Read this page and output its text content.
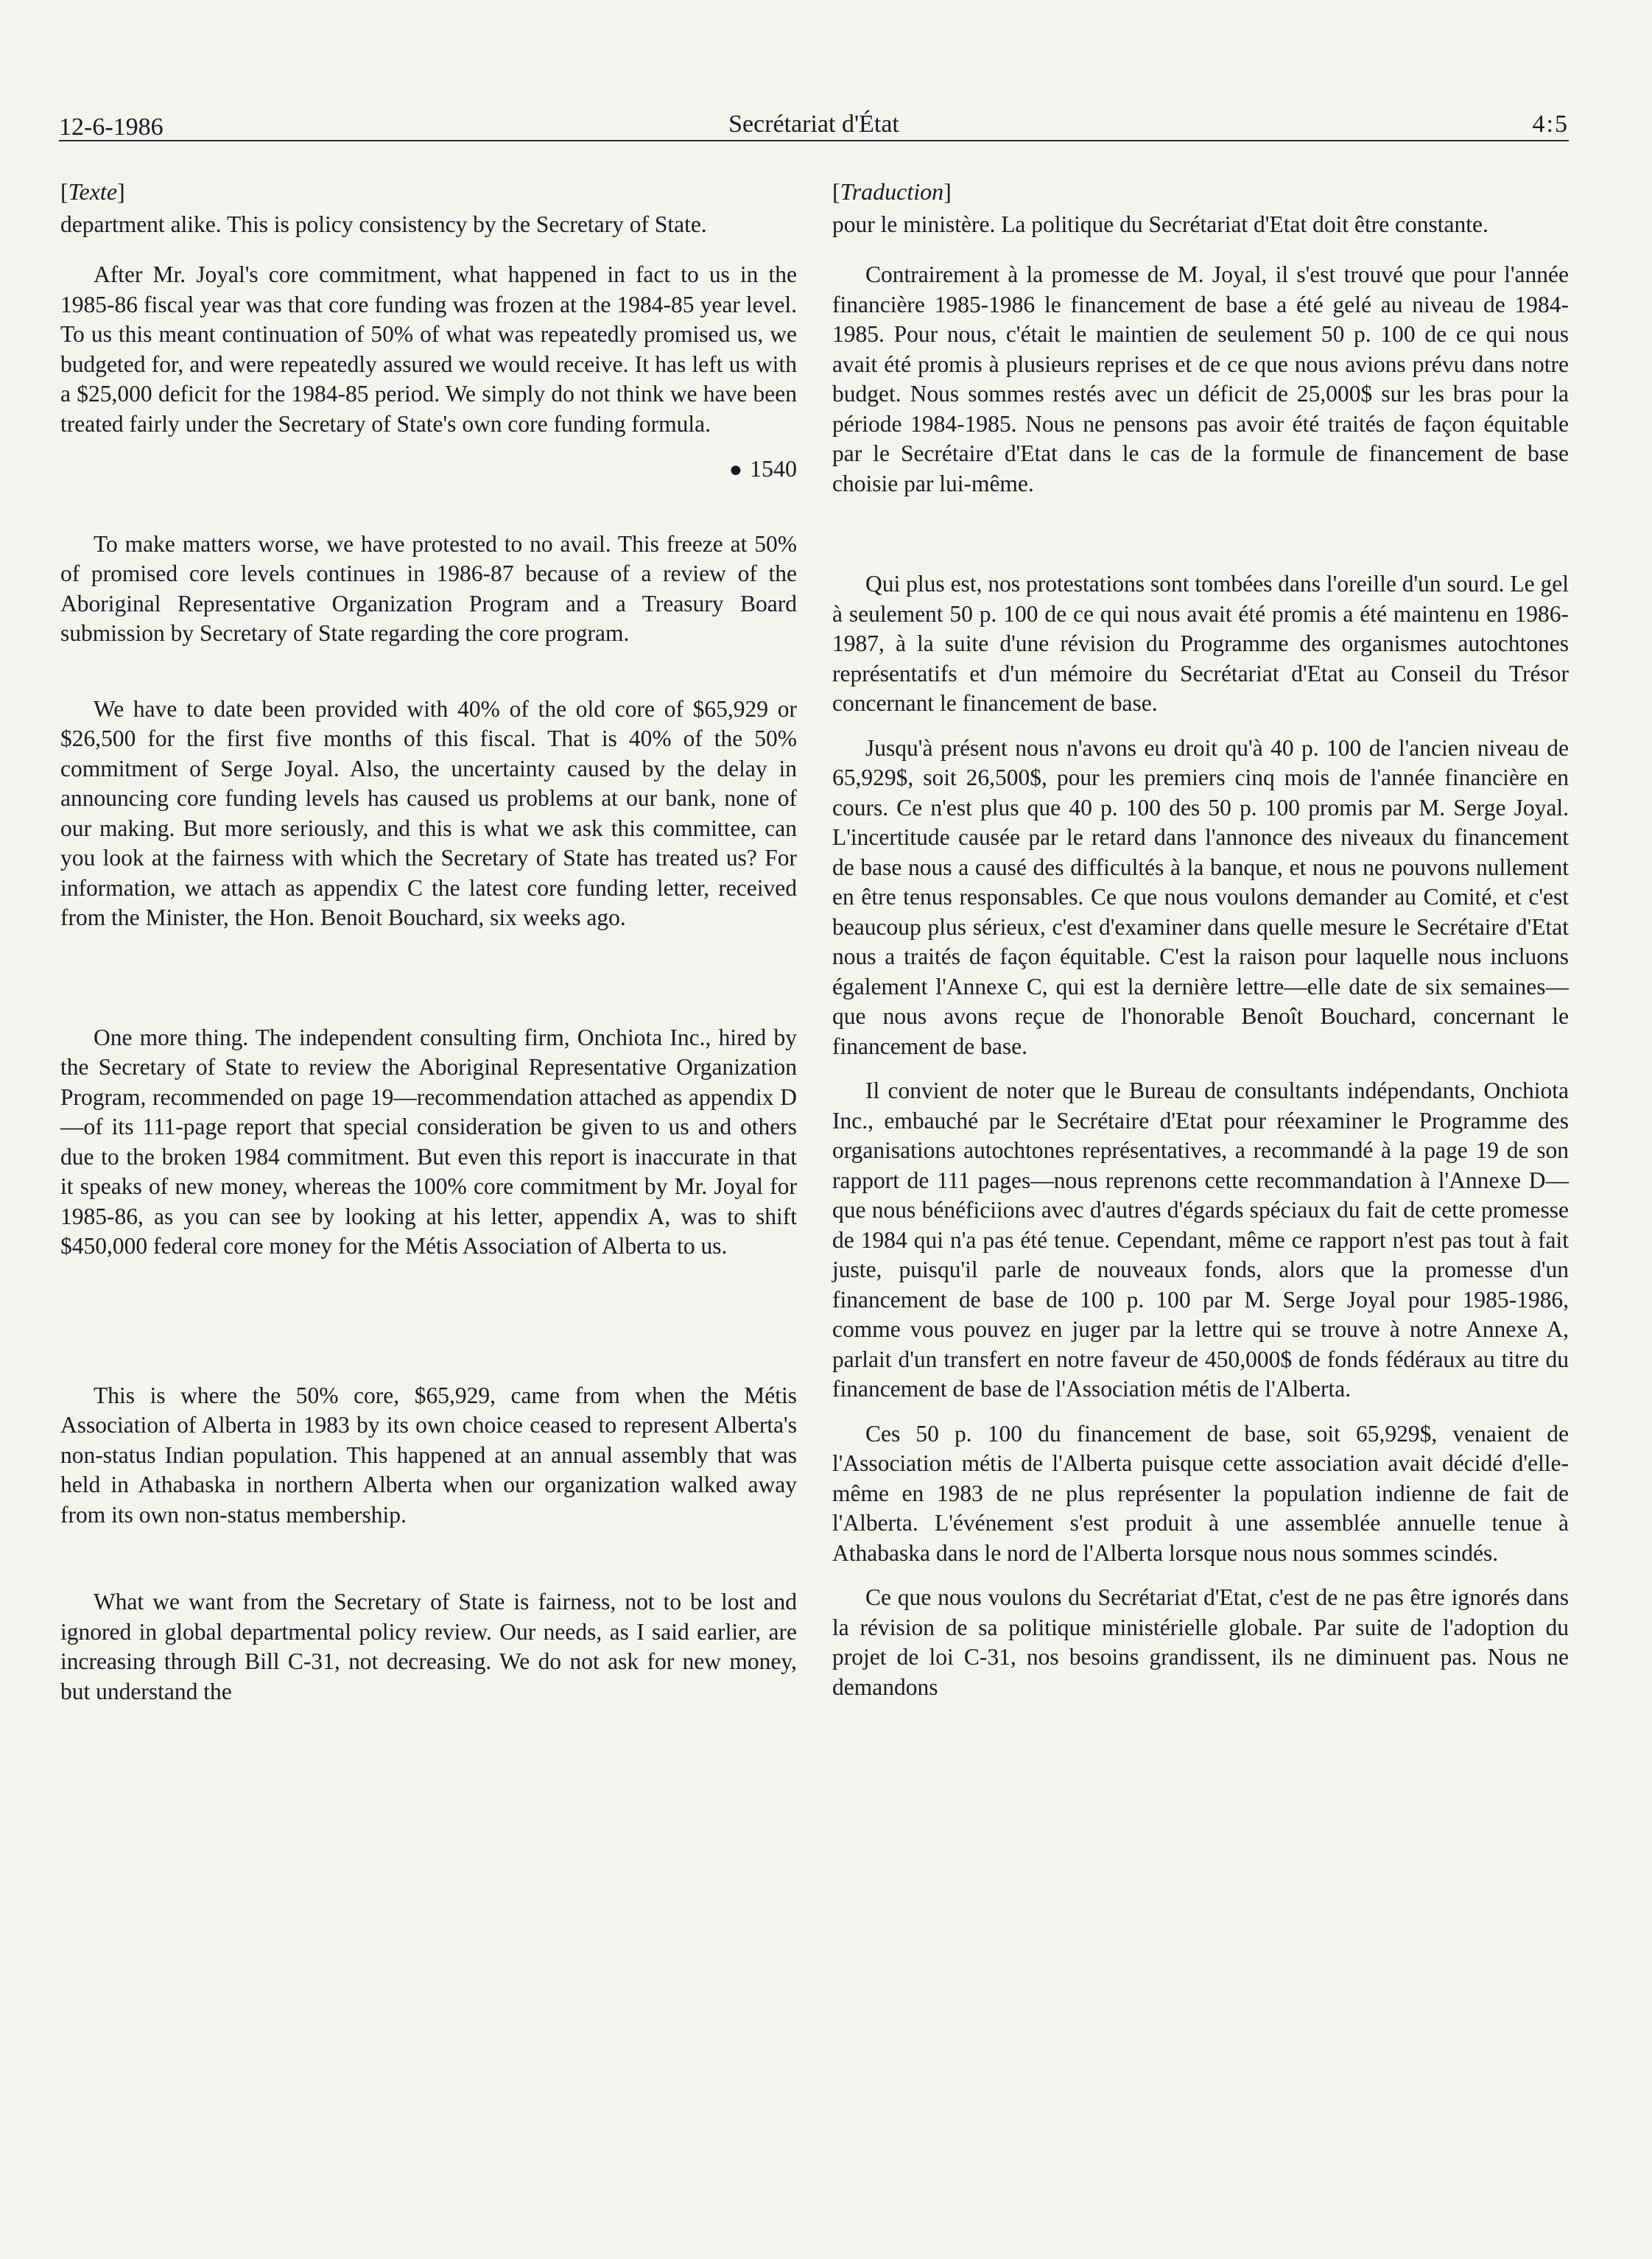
12-6-1986	Secrétariat d'État	4:5
[Texte]

department alike. This is policy consistency by the Secretary of State.

After Mr. Joyal's core commitment, what happened in fact to us in the 1985-86 fiscal year was that core funding was frozen at the 1984-85 year level. To us this meant continuation of 50% of what was repeatedly promised us, we budgeted for, and were repeatedly assured we would receive. It has left us with a $25,000 deficit for the 1984-85 period. We simply do not think we have been treated fairly under the Secretary of State's own core funding formula.

● 1540

To make matters worse, we have protested to no avail. This freeze at 50% of promised core levels continues in 1986-87 because of a review of the Aboriginal Representative Organization Program and a Treasury Board submission by Secretary of State regarding the core program.

We have to date been provided with 40% of the old core of $65,929 or $26,500 for the first five months of this fiscal. That is 40% of the 50% commitment of Serge Joyal. Also, the uncertainty caused by the delay in announcing core funding levels has caused us problems at our bank, none of our making. But more seriously, and this is what we ask this committee, can you look at the fairness with which the Secretary of State has treated us? For information, we attach as appendix C the latest core funding letter, received from the Minister, the Hon. Benoit Bouchard, six weeks ago.

One more thing. The independent consulting firm, Onchiota Inc., hired by the Secretary of State to review the Aboriginal Representative Organization Program, recommended on page 19—recommendation attached as appendix D—of its 111-page report that special consideration be given to us and others due to the broken 1984 commitment. But even this report is inaccurate in that it speaks of new money, whereas the 100% core commitment by Mr. Joyal for 1985-86, as you can see by looking at his letter, appendix A, was to shift $450,000 federal core money for the Métis Association of Alberta to us.

This is where the 50% core, $65,929, came from when the Métis Association of Alberta in 1983 by its own choice ceased to represent Alberta's non-status Indian population. This happened at an annual assembly that was held in Athabaska in northern Alberta when our organization walked away from its own non-status membership.

What we want from the Secretary of State is fairness, not to be lost and ignored in global departmental policy review. Our needs, as I said earlier, are increasing through Bill C-31, not decreasing. We do not ask for new money, but understand the

[Traduction]

pour le ministère. La politique du Secrétariat d'Etat doit être constante.

Contrairement à la promesse de M. Joyal, il s'est trouvé que pour l'année financière 1985-1986 le financement de base a été gelé au niveau de 1984-1985. Pour nous, c'était le maintien de seulement 50 p. 100 de ce qui nous avait été promis à plusieurs reprises et de ce que nous avions prévu dans notre budget. Nous sommes restés avec un déficit de 25,000$ sur les bras pour la période 1984-1985. Nous ne pensons pas avoir été traités de façon équitable par le Secrétaire d'Etat dans le cas de la formule de financement de base choisie par lui-même.

Qui plus est, nos protestations sont tombées dans l'oreille d'un sourd. Le gel à seulement 50 p. 100 de ce qui nous avait été promis a été maintenu en 1986-1987, à la suite d'une révision du Programme des organismes autochtones représentatifs et d'un mémoire du Secrétariat d'Etat au Conseil du Trésor concernant le financement de base.

Jusqu'à présent nous n'avons eu droit qu'à 40 p. 100 de l'ancien niveau de 65,929$, soit 26,500$, pour les premiers cinq mois de l'année financière en cours. Ce n'est plus que 40 p. 100 des 50 p. 100 promis par M. Serge Joyal. L'incertitude causée par le retard dans l'annonce des niveaux du financement de base nous a causé des difficultés à la banque, et nous ne pouvons nullement en être tenus responsables. Ce que nous voulons demander au Comité, et c'est beaucoup plus sérieux, c'est d'examiner dans quelle mesure le Secrétaire d'Etat nous a traités de façon équitable. C'est la raison pour laquelle nous incluons également l'Annexe C, qui est la dernière lettre—elle date de six semaines—que nous avons reçue de l'honorable Benoît Bouchard, concernant le financement de base.

Il convient de noter que le Bureau de consultants indépendants, Onchiota Inc., embauché par le Secrétaire d'Etat pour réexaminer le Programme des organisations autochtones représentatives, a recommandé à la page 19 de son rapport de 111 pages—nous reprenons cette recommandation à l'Annexe D—que nous bénéficiions avec d'autres d'égards spéciaux du fait de cette promesse de 1984 qui n'a pas été tenue. Cependant, même ce rapport n'est pas tout à fait juste, puisqu'il parle de nouveaux fonds, alors que la promesse d'un financement de base de 100 p. 100 par M. Serge Joyal pour 1985-1986, comme vous pouvez en juger par la lettre qui se trouve à notre Annexe A, parlait d'un transfert en notre faveur de 450,000$ de fonds fédéraux au titre du financement de base de l'Association métis de l'Alberta.

Ces 50 p. 100 du financement de base, soit 65,929$, venaient de l'Association métis de l'Alberta puisque cette association avait décidé d'elle-même en 1983 de ne plus représenter la population indienne de fait de l'Alberta. L'événement s'est produit à une assemblée annuelle tenue à Athabaska dans le nord de l'Alberta lorsque nous nous sommes scindés.

Ce que nous voulons du Secrétariat d'Etat, c'est de ne pas être ignorés dans la révision de sa politique ministérielle globale. Par suite de l'adoption du projet de loi C-31, nos besoins grandissent, ils ne diminuent pas. Nous ne demandons
